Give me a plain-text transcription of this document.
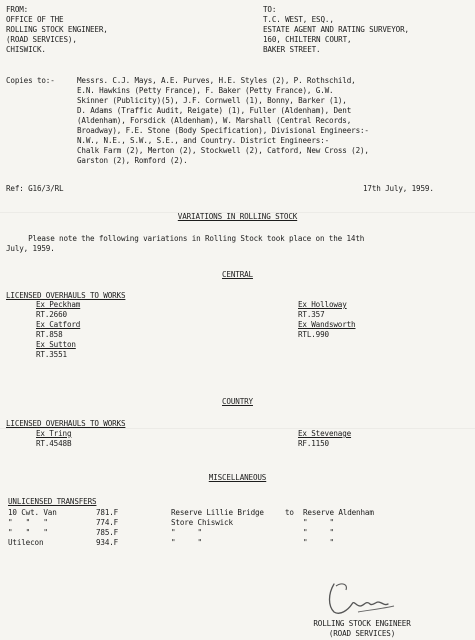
FROM:
OFFICE OF THE
ROLLING STOCK ENGINEER,
(ROAD SERVICES),
CHISWICK.
TO:
T.C. WEST, ESQ.,
ESTATE AGENT AND RATING SURVEYOR,
160, CHILTERN COURT,
BAKER STREET.
Copies to:-	Messrs. C.J. Mays, A.E. Purves, H.E. Styles (2), P. Rothschild,
E.N. Hawkins (Petty France), F. Baker (Petty France), G.W.
Skinner (Publicity)(5), J.F. Cornwell (1), Bonny, Barker (1),
D. Adams (Traffic Audit, Reigate) (1), Fuller (Aldenham), Dent
(Aldenham), Forsdick (Aldenham), W. Marshall (Central Records,
Broadway), F.E. Stone (Body Specification), Divisional Engineers:-
N.W., N.E., S.W., S.E., and Country. District Engineers:-
Chalk Farm (2), Merton (2), Stockwell (2), Catford, New Cross (2),
Garston (2), Romford (2).
Ref: G16/3/RL	17th July, 1959.
VARIATIONS IN ROLLING STOCK
Please note the following variations in Rolling Stock took place on the 14th
July, 1959.
CENTRAL
LICENSED OVERHAULS TO WORKS
Ex Peckham
RT.2660
Ex Catford
RT.858
Ex Sutton
RT.3551
Ex Holloway
RT.357
Ex Wandsworth
RTL.990
COUNTRY
LICENSED OVERHAULS TO WORKS
Ex Tring
RT.4548B
Ex Stevenage
RF.1150
MISCELLANEOUS
UNLICENSED TRANSFERS
10 Cwt. Van
"   "   "
"   "   "
Utilecon
781.F
774.F
785.F
934.F
Reserve Lillie Bridge
Store Chiswick
"     "
"     "
to Reserve Aldenham
"     "
"     "
"     "
ROLLING STOCK ENGINEER
(ROAD SERVICES)
